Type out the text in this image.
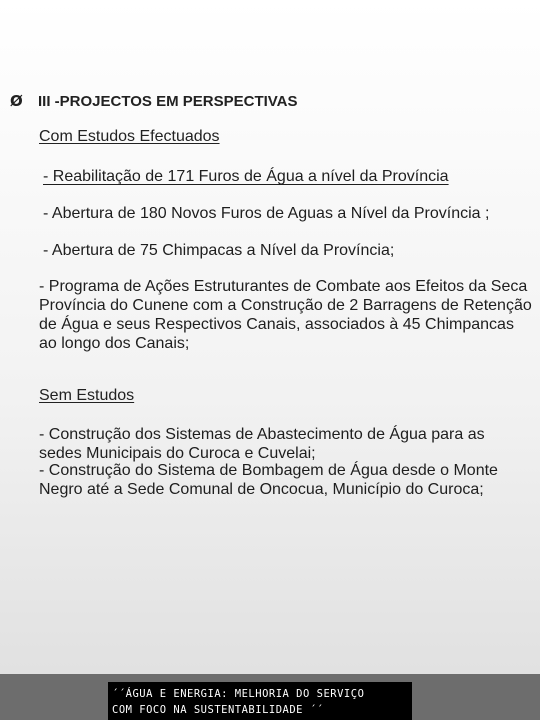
Ø	III -PROJECTOS EM PERSPECTIVAS
Com Estudos Efectuados
- Reabilitação de 171 Furos de Água a nível da Província
- Abertura de 180 Novos Furos de Aguas a Nível da Província ;
- Abertura de 75 Chimpacas a Nível da Província;
- Programa de Ações Estruturantes de Combate aos Efeitos da Seca Província do Cunene com a Construção de 2 Barragens de Retenção de Água e seus Respectivos Canais, associados à 45 Chimpancas ao longo dos Canais;
Sem Estudos
- Construção dos Sistemas de Abastecimento de Água para as sedes Municipais do Curoca e Cuvelai;
- Construção do Sistema de Bombagem de Água desde o Monte Negro até a Sede Comunal de Oncocua, Município do Curoca;
´´ÁGUA E ENERGIA: MELHORIA DO SERVIÇO
COM FOCO NA SUSTENTABILIDADE ´´
